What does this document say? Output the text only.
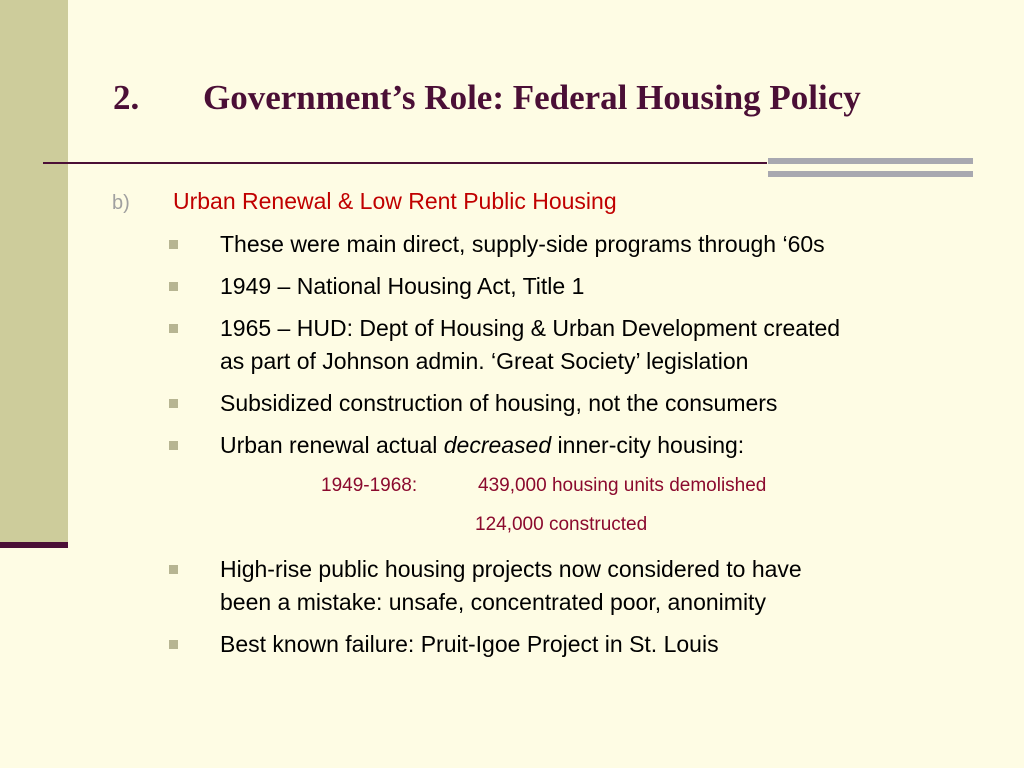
2. Government’s Role: Federal Housing Policy
b) Urban Renewal & Low Rent Public Housing
These were main direct, supply-side programs through ‘60s
1949 – National Housing Act, Title 1
1965 – HUD: Dept of Housing & Urban Development created
as part of Johnson admin. ‘Great Society’ legislation
Subsidized construction of housing, not the consumers
Urban renewal actual decreased inner-city housing:
1949-1968:	439,000 housing units demolished
124,000 constructed
High-rise public housing projects now considered to have
been a mistake: unsafe, concentrated poor, anonimity
Best known failure: Pruit-Igoe Project in St. Louis
